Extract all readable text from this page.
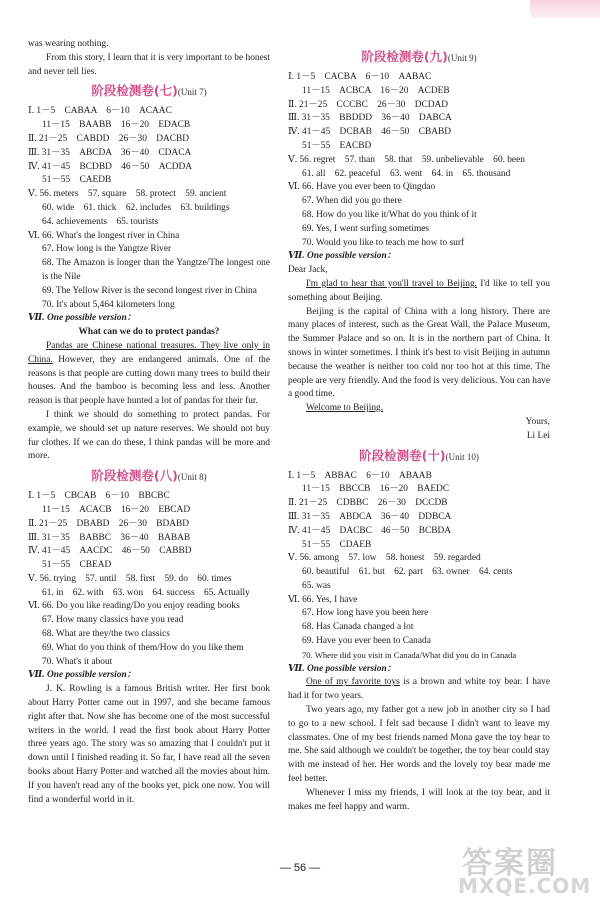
was wearing nothing.
From this story, I learn that it is very important to be honest and never tell lies.
阶段检测卷(七)(Unit 7)
Ⅰ. 1－5　CABAA　6－10　ACAAC
11－15　BAABB　16－20　EDACB
Ⅱ. 21－25　CABDD　26－30　DACBD
Ⅲ. 31－35　ABCDA　36－40　CDACA
Ⅳ. 41－45　BCDBD　46－50　ACDDA
51－55　CAEDB
Ⅴ. 56. meters　57. square　58. protect　59. ancient
60. wide　61. thick　62. includes　63. buildings
64. achievements　65. tourists
Ⅵ. 66. What's the longest river in China
67. How long is the Yangtze River
68. The Amazon is longer than the Yangtze/The longest one is the Nile
69. The Yellow River is the second longest river in China
70. It's about 5,464 kilometers long
Ⅶ. One possible version：
What can we do to protect pandas?
Pandas are Chinese national treasures. They live only in China. However, they are endangered animals. One of the reasons is that people are cutting down many trees to build their houses. And the bamboo is becoming less and less. Another reason is that people have hunted a lot of pandas for their fur.
I think we should do something to protect pandas. For example, we should set up nature reserves. We should not buy fur clothes. If we can do these, I think pandas will be more and more.
阶段检测卷(八)(Unit 8)
Ⅰ. 1－5　CBCAB　6－10　BBCBC
11－15　ACACB　16－20　EBCAD
Ⅱ. 21－25　DBABD　26－30　BDABD
Ⅲ. 31－35　BABBC　36－40　BABAB
Ⅳ. 41－45　AACDC　46－50　CABBD
51－55　CBEAD
Ⅴ. 56. trying　57. until　58. first　59. do　60. times
61. in　62. with　63. won　64. success　65. Actually
Ⅵ. 66. Do you like reading/Do you enjoy reading books
67. How many classics have you read
68. What are they/the two classics
69. What do you think of them/How do you like them
70. What's it about
Ⅶ. One possible version：
J. K. Rowling is a famous British writer. Her first book about Harry Potter came out in 1997, and she became famous right after that. Now she has become one of the most successful writers in the world. I read the first book about Harry Potter three years ago. The story was so amazing that I couldn't put it down until I finished reading it. So far, I have read all the seven books about Harry Potter and watched all the movies about him. If you haven't read any of the books yet, pick one now. You will find a wonderful world in it.
阶段检测卷(九)(Unit 9)
Ⅰ. 1－5　CACBA　6－10　AABAC
11－15　ACBCA　16－20　ACDEB
Ⅱ. 21－25　CCCBC　26－30　DCDAD
Ⅲ. 31－35　BBDDD　36－40　DABCA
Ⅳ. 41－45　DCBAB　46－50　CBABD
51－55　EACBD
Ⅴ. 56. regret　57. than　58. that　59. unbelievable　60. been
61. all　62. peaceful　63. went　64. in　65. thousand
Ⅵ. 66. Have you ever been to Qingdao
67. When did you go there
68. How do you like it/What do you think of it
69. Yes, I went surfing sometimes
70. Would you like to teach me how to surf
Ⅶ. One possible version：
Dear Jack,
I'm glad to hear that you'll travel to Beijing. I'd like to tell you something about Beijing.
Beijing is the capital of China with a long history. There are many places of interest, such as the Great Wall, the Palace Museum, the Summer Palace and so on. It is in the northern part of China. It snows in winter sometimes. I think it's best to visit Beijing in autumn because the weather is neither too cold nor too hot at this time. The people are very friendly. And the food is very delicious. You can have a good time.
Welcome to Beijing.
Yours,
Li Lei
阶段检测卷(十)(Unit 10)
Ⅰ. 1－5　ABBAC　6－10　ABAAB
11－15　BBCCB　16－20　BAEDC
Ⅱ. 21－25　CDBBC　26－30　DCCDB
Ⅲ. 31－35　ABDCA　36－40　DDBCA
Ⅳ. 41－45　DACBC　46－50　BCBDA
51－55　CDAEB
Ⅴ. 56. among　57. low　58. honest　59. regarded
60. beautiful　61. but　62. part　63. owner　64. cents
65. was
Ⅵ. 66. Yes, I have
67. How long have you been here
68. Has Canada changed a lot
69. Have you ever been to Canada
70. Where did you visit in Canada/What did you do in Canada
Ⅶ. One possible version：
One of my favorite toys is a brown and white toy bear. I have had it for two years.
Two years ago, my father got a new job in another city so I had to go to a new school. I felt sad because I didn't want to leave my classmates. One of my best friends named Mona gave the toy bear to me. She said although we couldn't be together, the toy bear could stay with me instead of her. Her words and the lovely toy bear made me feel better.
Whenever I miss my friends, I will look at the toy bear, and it makes me feel happy and warm.
— 56 —	答案圈
MXQE.COM
